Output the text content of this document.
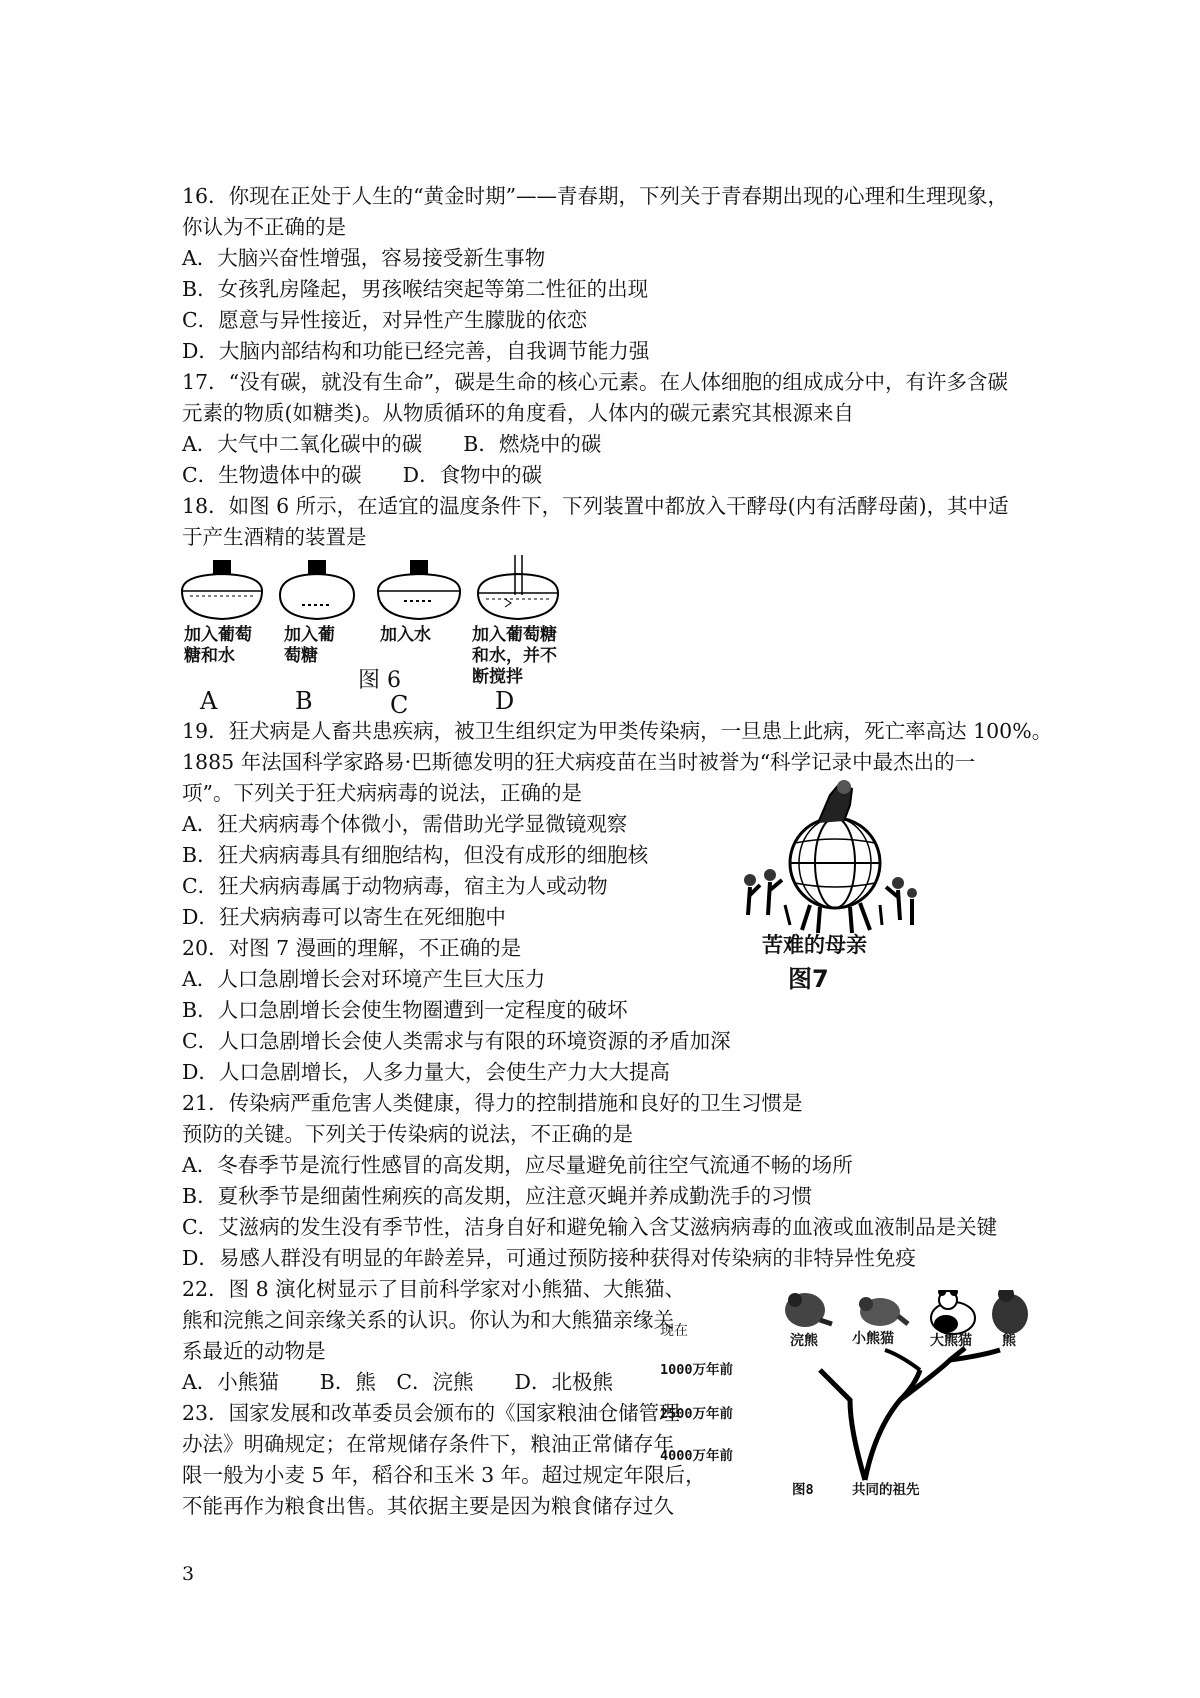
16．你现在正处于人生的“黄金时期”——青春期，下列关于青春期出现的心理和生理现象，
你认为不正确的是
A．大脑兴奋性增强，容易接受新生事物
B．女孩乳房隆起，男孩喉结突起等第二性征的出现
C．愿意与异性接近，对异性产生朦胧的依恋
D．大脑内部结构和功能已经完善，自我调节能力强
17．“没有碳，就没有生命”，碳是生命的核心元素。在人体细胞的组成成分中，有许多含碳
元素的物质(如糖类)。从物质循环的角度看，人体内的碳元素究其根源来自
A．大气中二氧化碳中的碳　　B．燃烧中的碳
C．生物遗体中的碳　　D．食物中的碳
18．如图 6 所示，在适宜的温度条件下，下列装置中都放入干酵母(内有活酵母菌)，其中适
于产生酒精的装置是
加入葡萄
糖和水
加入葡
萄糖
加入水 加入葡萄糖
和水，并不
断搅拌
图 6
A	B	C	D
19．狂犬病是人畜共患疾病，被卫生组织定为甲类传染病，一旦患上此病，死亡率高达 100%。
1885 年法国科学家路易·巴斯德发明的狂犬病疫苗在当时被誉为“科学记录中最杰出的一
项”。下列关于狂犬病病毒的说法，正确的是
A．狂犬病病毒个体微小，需借助光学显微镜观察
B．狂犬病病毒具有细胞结构，但没有成形的细胞核
C．狂犬病病毒属于动物病毒，宿主为人或动物
D．狂犬病病毒可以寄生在死细胞中
苦难的母亲
图7
20．对图 7 漫画的理解，不正确的是
A．人口急剧增长会对环境产生巨大压力
B．人口急剧增长会使生物圈遭到一定程度的破坏
C．人口急剧增长会使人类需求与有限的环境资源的矛盾加深
D．人口急剧增长，人多力量大，会使生产力大大提高
21．传染病严重危害人类健康，得力的控制措施和良好的卫生习惯是
预防的关键。下列关于传染病的说法，不正确的是
A．冬春季节是流行性感冒的高发期，应尽量避免前往空气流通不畅的场所
B．夏秋季节是细菌性痢疾的高发期，应注意灭蝇并养成勤洗手的习惯
C．艾滋病的发生没有季节性，洁身自好和避免输入含艾滋病病毒的血液或血液制品是关键
D．易感人群没有明显的年龄差异，可通过预防接种获得对传染病的非特异性免疫
22．图 8 演化树显示了目前科学家对小熊猫、大熊猫、
熊和浣熊之间亲缘关系的认识。你认为和大熊猫亲缘关
系最近的动物是
A．小熊猫　　B．熊　C．浣熊　　D．北极熊
23．国家发展和改革委员会颁布的《国家粮油仓储管理
办法》明确规定；在常规储存条件下，粮油正常储存年
限一般为小麦 5 年，稻谷和玉米 3 年。超过规定年限后，
不能再作为粮食出售。其依据主要是因为粮食储存过久
现在
浣熊 小熊猫	大熊猫 熊
1000万年前
2500万年前
4000万年前
图8	共同的祖先
3
